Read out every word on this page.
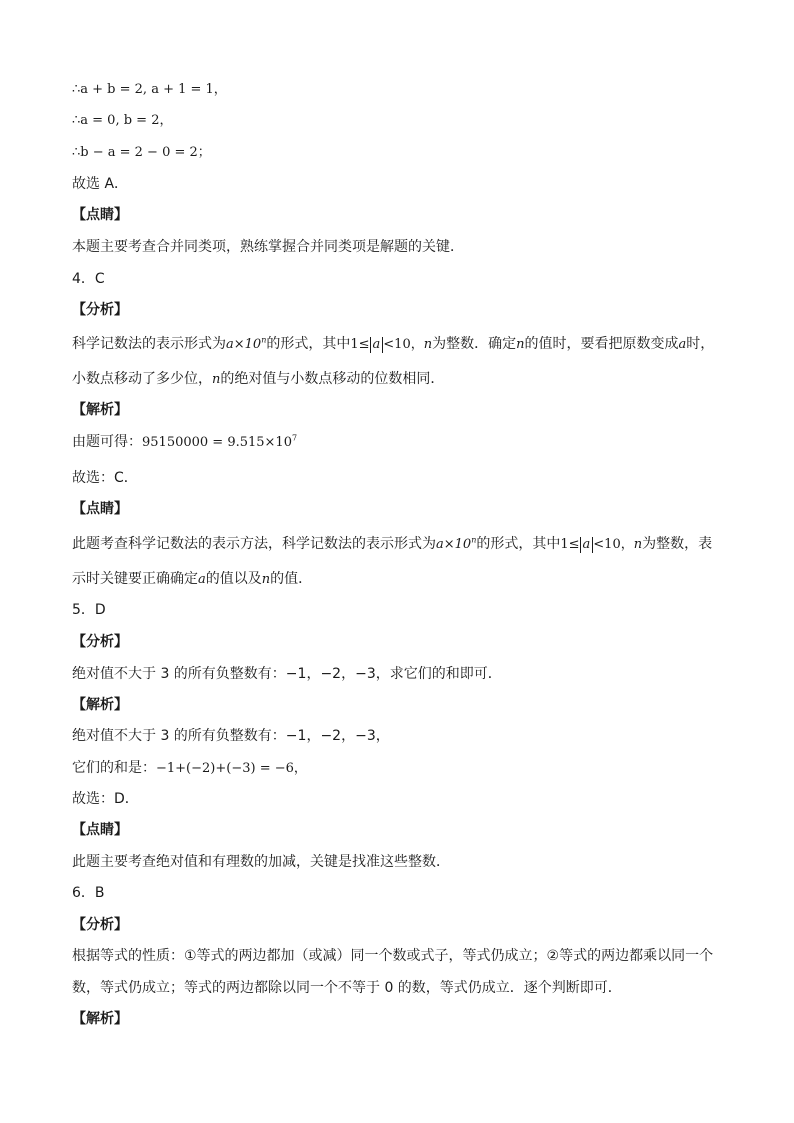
∴a + b = 2, a + 1 = 1，
∴a = 0, b = 2，
∴b − a = 2 − 0 = 2；
故选 A．
【点睛】
本题主要考查合并同类项，熟练掌握合并同类项是解题的关键．
4．C
【分析】
科学记数法的表示形式为$a\times 10^n$的形式，其中1≤ a <10，n为整数．确定n的值时，要看把原数变成a时，
小数点移动了多少位，n的绝对值与小数点移动的位数相同．
【解析】
由题可得：$95150000 = 9.515\times 10^7$
故选：C．
【点睛】
此题考查科学记数法的表示方法，科学记数法的表示形式为$a\times 10^n$的形式，其中1≤ a <10，n为整数，表
示时关键要正确确定a的值以及n的值．
5．D
【分析】
绝对值不大于 3 的所有负整数有：−1，−2，−3，求它们的和即可．
【解析】
绝对值不大于 3 的所有负整数有：−1，−2，−3，
它们的和是：−1+(−2)+(−3) = −6，
故选：D．
【点睛】
此题主要考查绝对值和有理数的加减，关键是找准这些整数．
6．B
【分析】
根据等式的性质：①等式的两边都加（或减）同一个数或式子，等式仍成立；②等式的两边都乘以同一个
数，等式仍成立；等式的两边都除以同一个不等于 0 的数，等式仍成立．逐个判断即可．
【解析】
